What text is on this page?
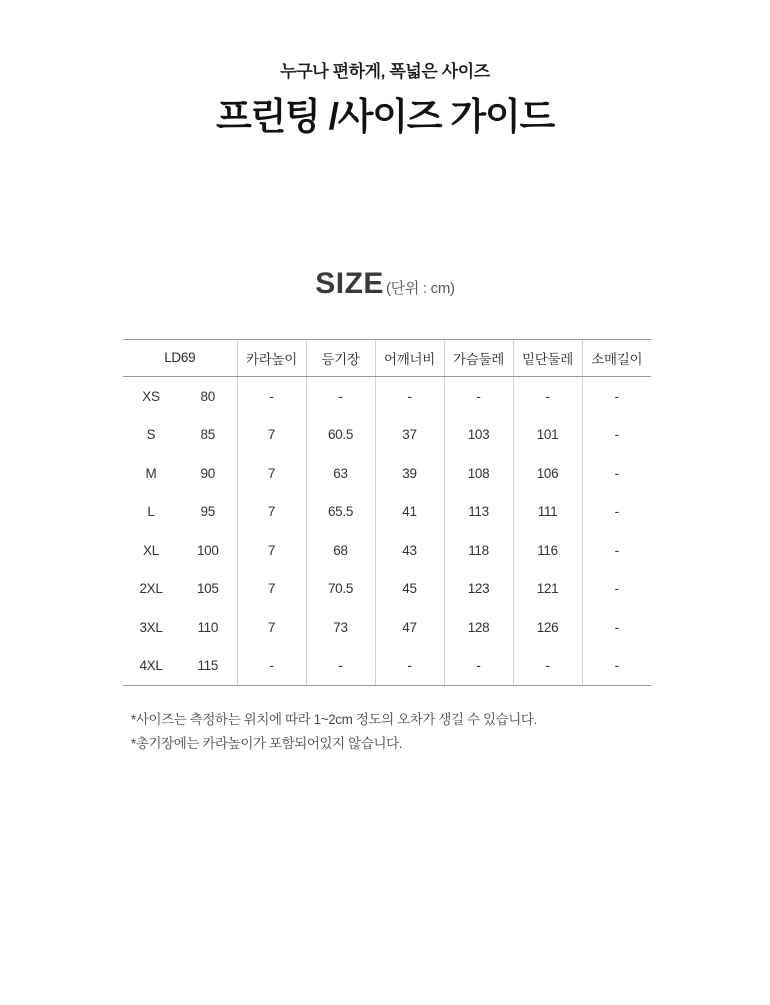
누구나 편하게, 폭넓은 사이즈
프린팅 /사이즈 가이드
SIZE (단위 : cm)
LD69		카라높이	등기장	어깨너비	가슴둘레	밑단둘레	소매길이
XS	80	-	-	-	-	-	-
S	85	7	60.5	37	103	101	-
M	90	7	63	39	108	106	-
L	95	7	65.5	41	113	111	-
XL	100	7	68	43	118	116	-
2XL	105	7	70.5	45	123	121	-
3XL	110	7	73	47	128	126	-
4XL	115	-	-	-	-	-	-
*사이즈는 측정하는 위치에 따라 1~2cm 정도의 오차가 생길 수 있습니다.
*총기장에는 카라높이가 포함되어있지 않습니다.
